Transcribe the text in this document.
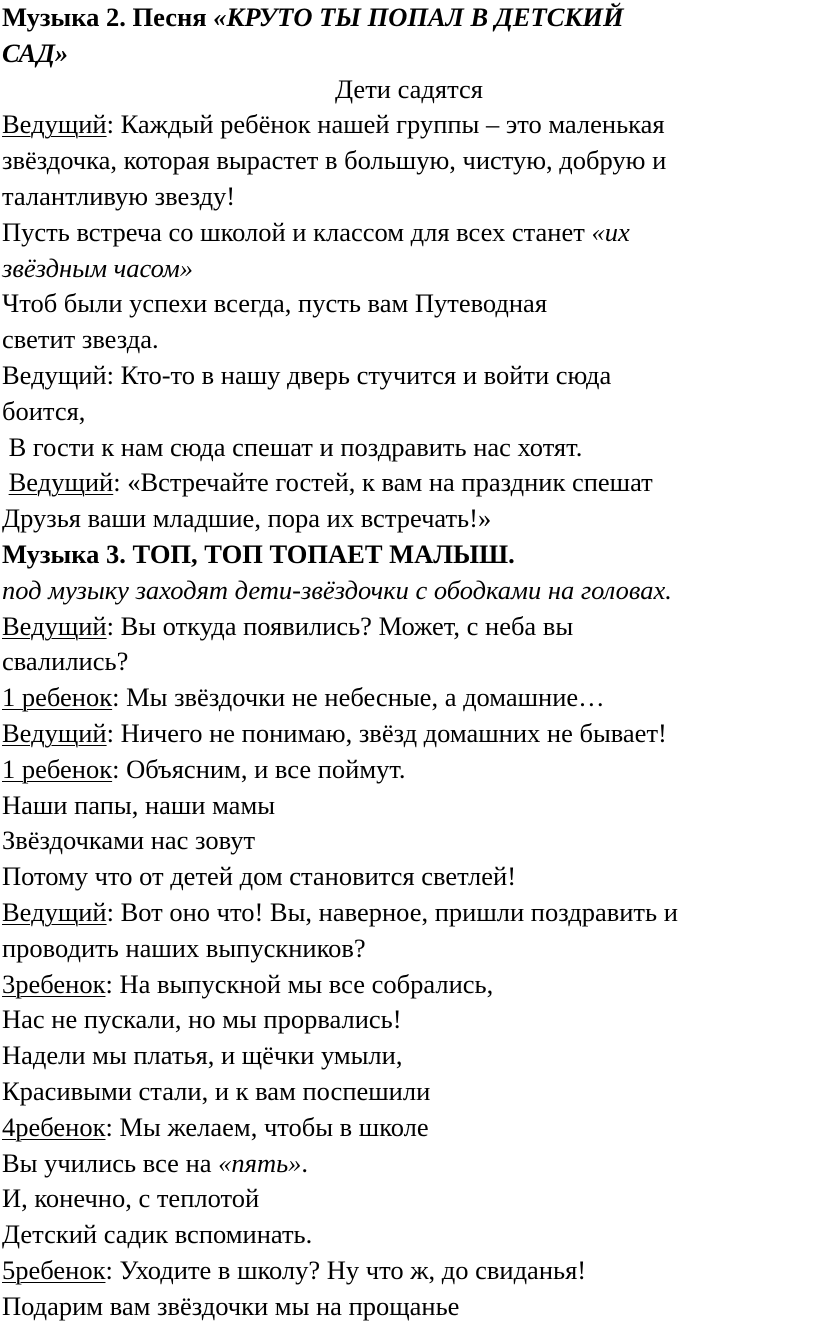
Музыка 2. Песня «КРУТО ТЫ ПОПАЛ В ДЕТСКИЙ
САД»
Дети садятся
Ведущий: Каждый ребёнок нашей группы – это маленькая
звёздочка, которая вырастет в большую, чистую, добрую и
талантливую звезду!
Пусть встреча со школой и классом для всех станет «их
звёздным часом»
Чтоб были успехи всегда, пусть вам Путеводная
светит звезда.
Ведущий: Кто-то в нашу дверь стучится и войти сюда
боится,
В гости к нам сюда спешат и поздравить нас хотят.
Ведущий: «Встречайте гостей, к вам на праздник спешат
Друзья ваши младшие, пора их встречать!»
Музыка 3. ТОП, ТОП ТОПАЕТ МАЛЫШ.
под музыку заходят дети-звёздочки с ободками на головах.
Ведущий: Вы откуда появились? Может, с неба вы
свалились?
1 ребенок: Мы звёздочки не небесные, а домашние…
Ведущий: Ничего не понимаю, звёзд домашних не бывает!
1 ребенок: Объясним, и все поймут.
Наши папы, наши мамы
Звёздочками нас зовут
Потому что от детей дом становится светлей!
Ведущий: Вот оно что! Вы, наверное, пришли поздравить и
проводить наших выпускников?
3ребенок: На выпускной мы все собрались,
Нас не пускали, но мы прорвались!
Надели мы платья, и щёчки умыли,
Красивыми стали, и к вам поспешили
4ребенок: Мы желаем, чтобы в школе
Вы учились все на «пять».
И, конечно, с теплотой
Детский садик вспоминать.
5ребенок: Уходите в школу? Ну что ж, до свиданья!
Подарим вам звёздочки мы на прощанье
